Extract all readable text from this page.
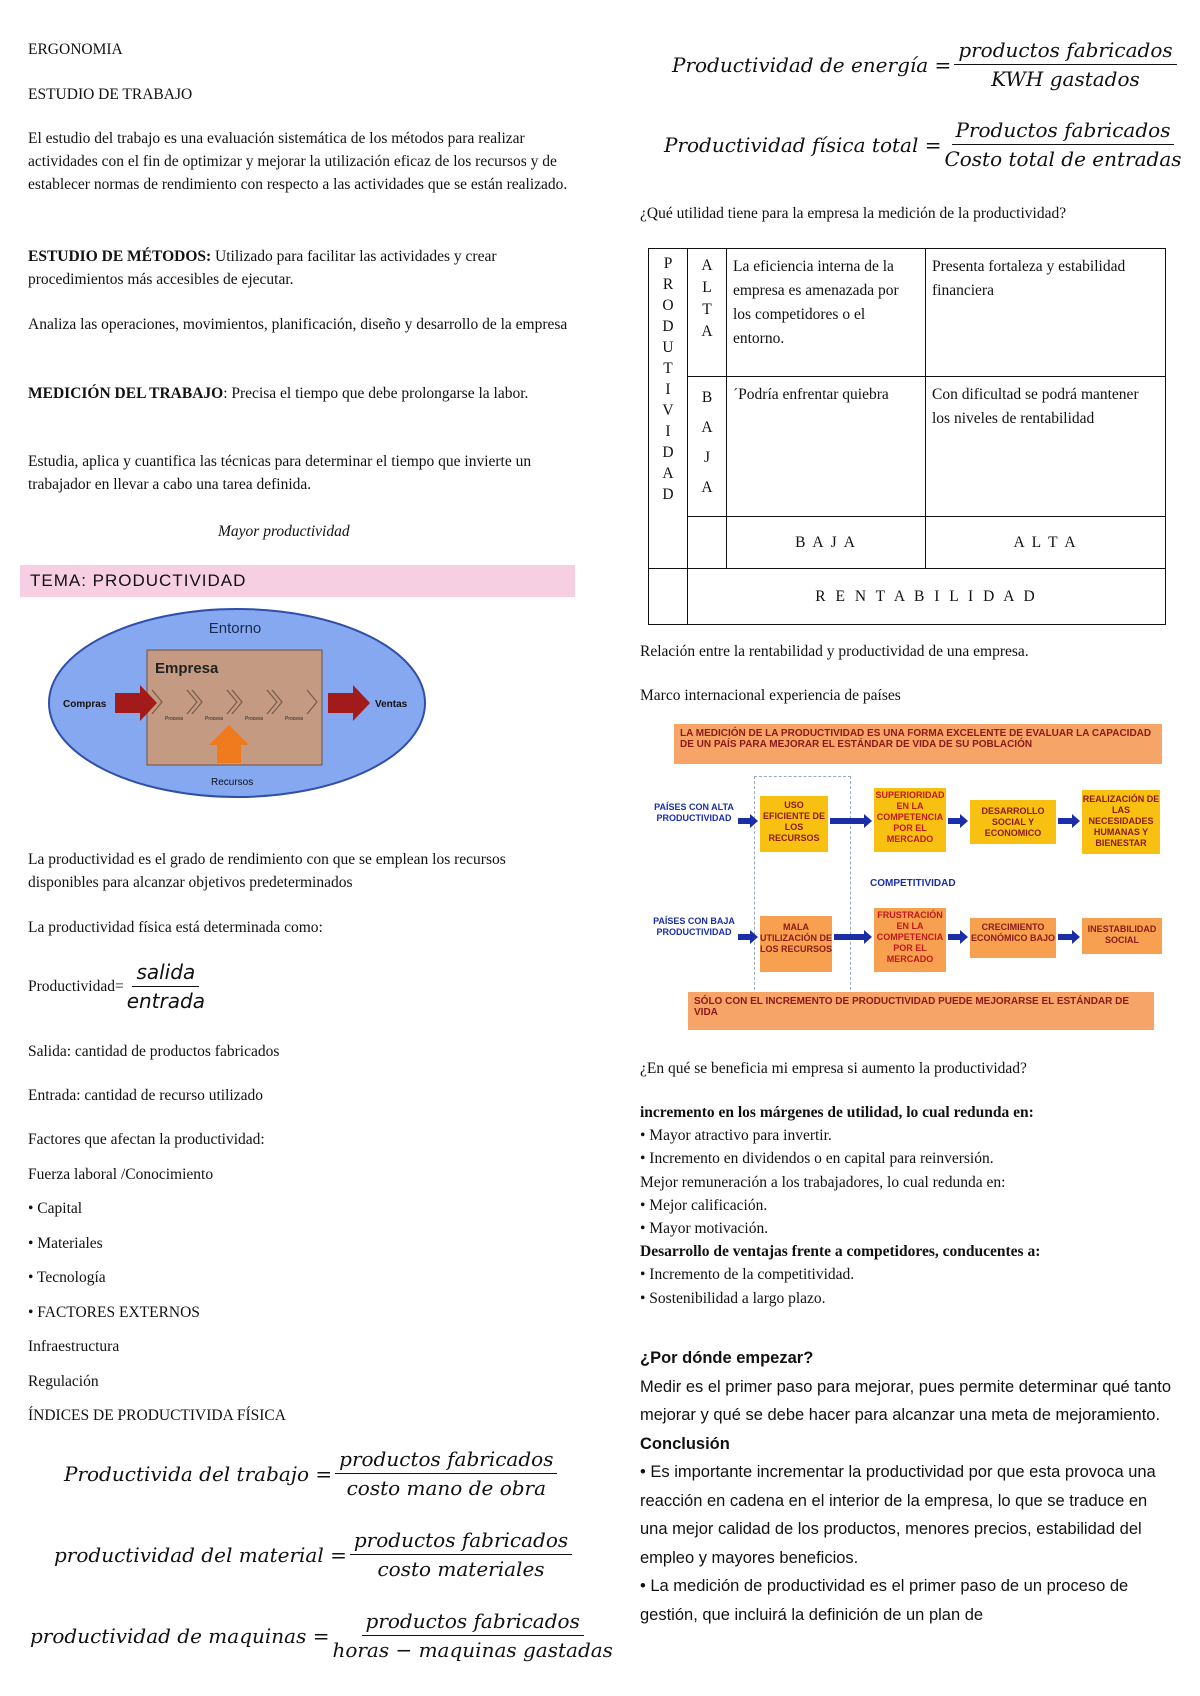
ERGONOMIA

ESTUDIO DE TRABAJO

El estudio del trabajo es una evaluación sistemática de los métodos para realizar actividades con el fin de optimizar y mejorar la utilización eficaz de los recursos y de establecer normas de rendimiento con respecto a las actividades que se están realizado.

ESTUDIO DE MÉTODOS: Utilizado para facilitar las actividades y crear procedimientos más accesibles de ejecutar.

Analiza las operaciones, movimientos, planificación, diseño y desarrollo de la empresa

MEDICIÓN DEL TRABAJO: Precisa el tiempo que debe prolongarse la labor.

Estudia, aplica y cuantifica las técnicas para determinar el tiempo que invierte un trabajador en llevar a cabo una tarea definida.

Mayor productividad

TEMA: PRODUCTIVIDAD
Entorno
Empresa
Compras	Ventas
Proceso	Proceso	Proceso	Proceso
Recursos

La productividad es el grado de rendimiento con que se emplean los recursos disponibles para alcanzar objetivos predeterminados

La productividad física está determinada como:

Productividad= $\frac{\text{salida}}{\text{entrada}}$

Salida: cantidad de productos fabricados

Entrada: cantidad de recurso utilizado

Factores que afectan la productividad:

Fuerza laboral /Conocimiento

• Capital

• Materiales

• Tecnología

• FACTORES EXTERNOS

Infraestructura

Regulación

ÍNDICES DE PRODUCTIVIDA FÍSICA

Productivida del trabajo = $\frac{\text{productos fabricados}}{\text{costo mano de obra}}$
productividad del material = $\frac{\text{productos fabricados}}{\text{costo materiales}}$
productividad de maquinas = $\frac{\text{productos fabricados}}{\text{horas − maquinas gastadas}}$
Productividad de energía = $\frac{\text{productos fabricados}}{\text{KWH gastados}}$
Productividad física total = $\frac{\text{Productos fabricados}}{\text{Costo total de entradas}}$

¿Qué utilidad tiene para la empresa la medición de la productividad?

P R O D U T I V I D A D	A L T A	La eficiencia interna de la empresa es amenazada por los competidores o el entorno.	Presenta fortaleza y estabilidad financiera

	B A J A	´Podría enfrentar quiebra	Con dificultad se podrá mantener los niveles de rentabilidad
		B A J A	A L T A
	R E N T A B I L I D A D		

Relación entre la rentabilidad y productividad de una empresa.

Marco internacional experiencia de países

LA MEDICIÓN DE LA PRODUCTIVIDAD ES UNA FORMA EXCELENTE DE EVALUAR LA CAPACIDAD DE UN PAÍS PARA MEJORAR EL ESTÁNDAR DE VIDA DE SU POBLACIÓN
PAÍSES CON ALTA PRODUCTIVIDAD
PAÍSES CON BAJA PRODUCTIVIDAD
USO EFICIENTE DE LOS RECURSOS
SUPERIORIDAD EN LA COMPETENCIA POR EL MERCADO
DESARROLLO SOCIAL Y ECONOMICO
REALIZACIÓN DE LAS NECESIDADES HUMANAS Y BIENESTAR
COMPETITIVIDAD
MALA UTILIZACIÓN DE LOS RECURSOS
FRUSTRACIÓN EN LA COMPETENCIA POR EL MERCADO
CRECIMIENTO ECONÓMICO BAJO
INESTABILIDAD SOCIAL
SÓLO CON EL INCREMENTO DE PRODUCTIVIDAD PUEDE MEJORARSE EL ESTÁNDAR DE VIDA

¿En qué se beneficia mi empresa si aumento la productividad?

incremento en los márgenes de utilidad, lo cual redunda en:

• Mayor atractivo para invertir.

• Incremento en dividendos o en capital para reinversión.

Mejor remuneración a los trabajadores, lo cual redunda en:

• Mejor calificación.

• Mayor motivación.

Desarrollo de ventajas frente a competidores, conducentes a:

• Incremento de la competitividad.

• Sostenibilidad a largo plazo.

¿Por dónde empezar?

Medir es el primer paso para mejorar, pues permite determinar qué tanto mejorar y qué se debe hacer para alcanzar una meta de mejoramiento.

Conclusión

• Es importante incrementar la productividad por que esta provoca una reacción en cadena en el interior de la empresa, lo que se traduce en una mejor calidad de los productos, menores precios, estabilidad del empleo y mayores beneficios.

• La medición de productividad es el primer paso de un proceso de gestión, que incluirá la definición de un plan de
